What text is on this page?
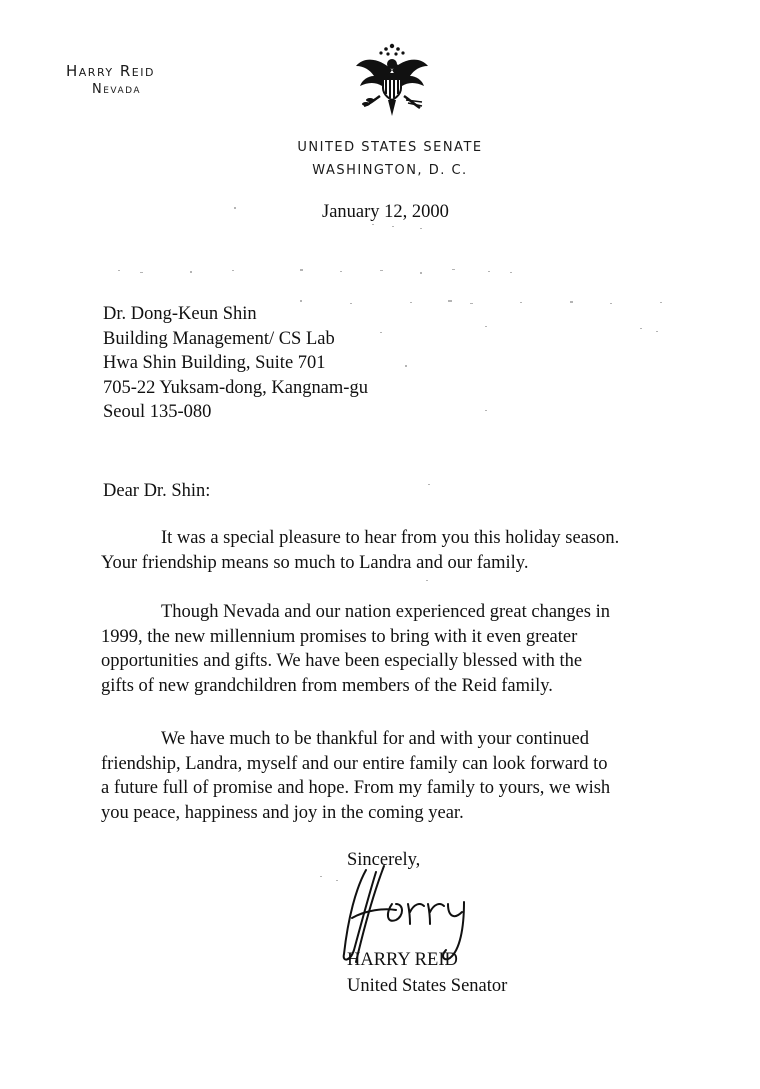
Harry Reid
Nevada
UNITED STATES SENATE
WASHINGTON, D. C.
January 12, 2000
Dr. Dong-Keun Shin
Building Management/ CS Lab
Hwa Shin Building, Suite 701
705-22 Yuksam-dong, Kangnam-gu
Seoul 135-080
Dear Dr. Shin:
It was a special pleasure to hear from you this holiday season.
Your friendship means so much to Landra and our family.
Though Nevada and our nation experienced great changes in
1999, the new millennium promises to bring with it even greater
opportunities and gifts. We have been especially blessed with the
gifts of new grandchildren from members of the Reid family.
We have much to be thankful for and with your continued
friendship, Landra, myself and our entire family can look forward to
a future full of promise and hope. From my family to yours, we wish
you peace, happiness and joy in the coming year.
Sincerely,
HARRY REID
United States Senator
